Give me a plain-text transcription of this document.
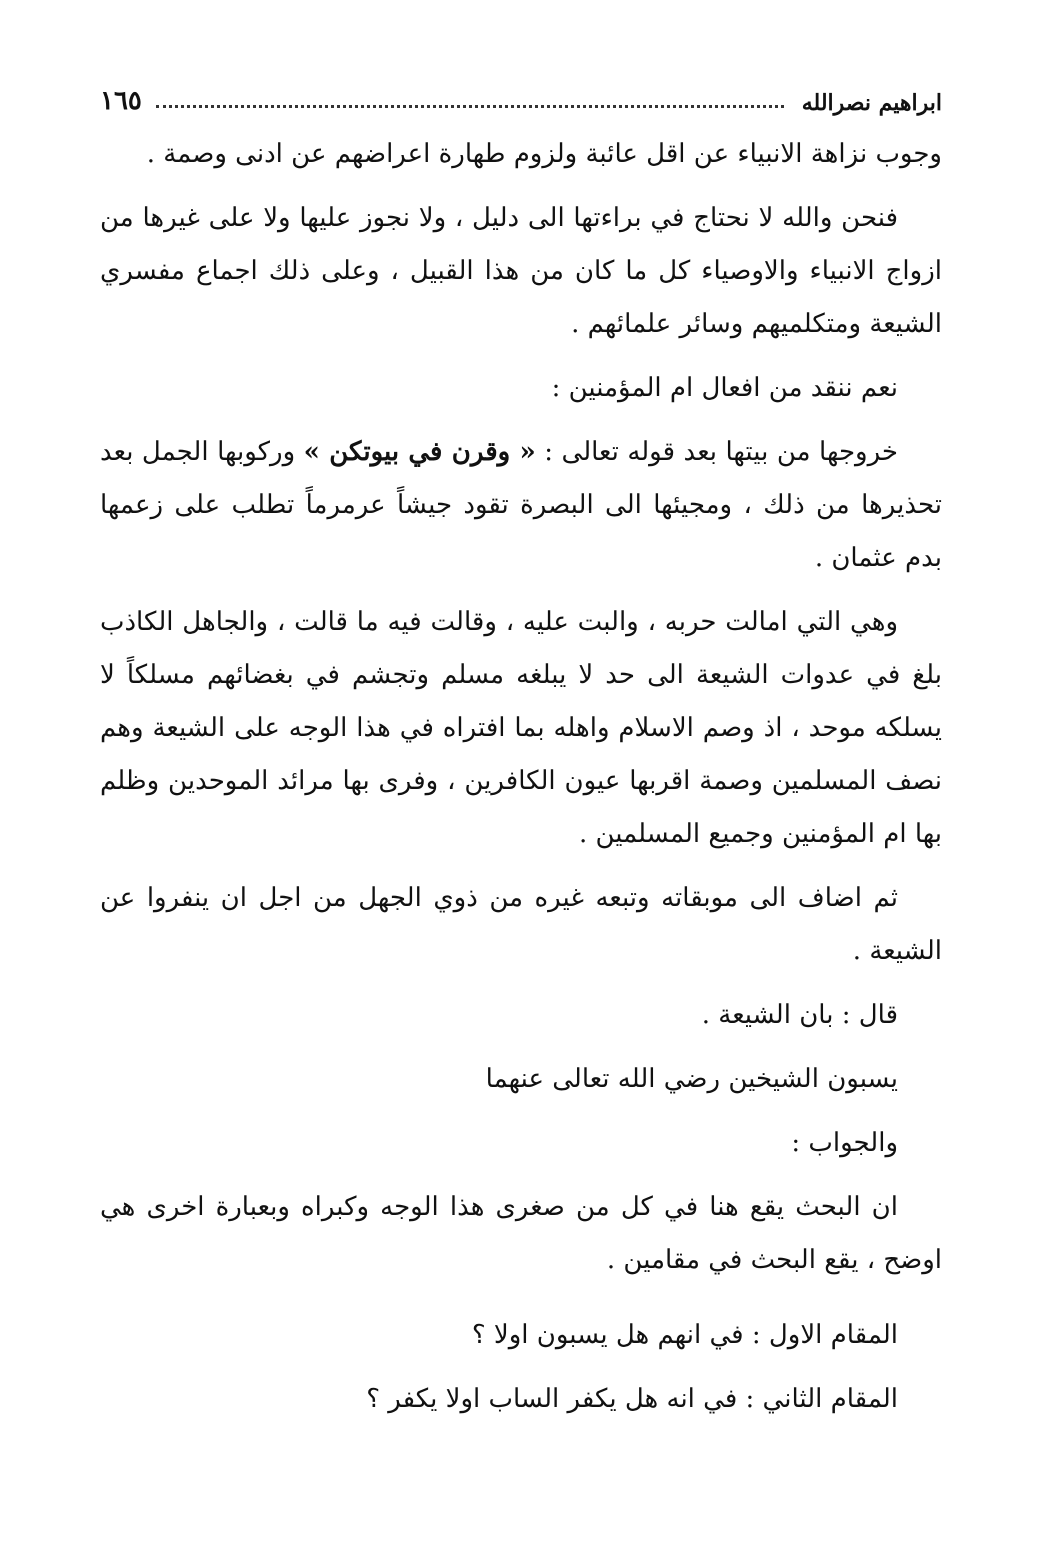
ابراهيم نصرالله
١٦٥

وجوب نزاهة الانبياء عن اقل عائبة ولزوم طهارة اعراضهم عن ادنى وصمة .

فنحن والله لا نحتاج في براءتها الى دليل ، ولا نجوز عليها ولا على غيرها من ازواج الانبياء والاوصياء كل ما كان من هذا القبيل ، وعلى ذلك اجماع مفسري الشيعة ومتكلميهم وسائر علمائهم .

نعم ننقد من افعال ام المؤمنين :

خروجها من بيتها بعد قوله تعالى : « وقرن في بيوتكن » وركوبها الجمل بعد تحذيرها من ذلك ، ومجيئها الى البصرة تقود جيشاً عرمرماً تطلب على زعمها بدم عثمان .

وهي التي امالت حربه ، والبت عليه ، وقالت فيه ما قالت ، والجاهل الكاذب بلغ في عدوات الشيعة الى حد لا يبلغه مسلم وتجشم في بغضائهم مسلكاً لا يسلكه موحد ، اذ وصم الاسلام واهله بما افتراه في هذا الوجه على الشيعة وهم نصف المسلمين وصمة اقربها عيون الكافرين ، وفرى بها مرائد الموحدين وظلم بها ام المؤمنين وجميع المسلمين .

ثم اضاف الى موبقاته وتبعه غيره من ذوي الجهل من اجل ان ينفروا عن الشيعة .

قال : بان الشيعة .

يسبون الشيخين رضي الله تعالى عنهما

والجواب :

ان البحث يقع هنا في كل من صغرى هذا الوجه وكبراه وبعبارة اخرى هي اوضح ، يقع البحث في مقامين .

المقام الاول : في انهم هل يسبون اولا ؟

المقام الثاني : في انه هل يكفر الساب اولا يكفر ؟
